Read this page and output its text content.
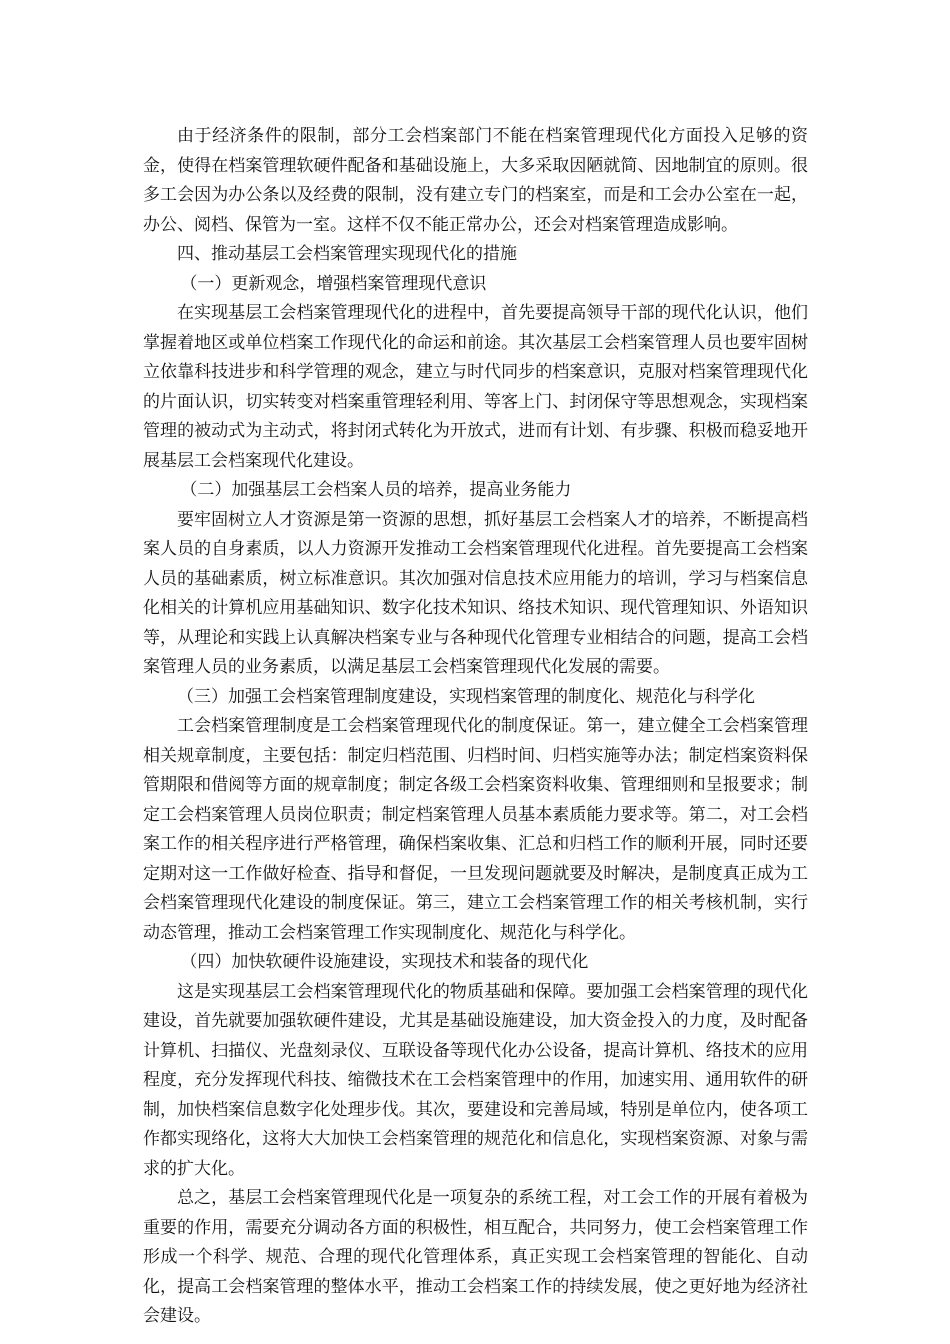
由于经济条件的限制，部分工会档案部门不能在档案管理现代化方面投入足够的资金，使得在档案管理软硬件配备和基础设施上，大多采取因陋就简、因地制宜的原则。很多工会因为办公条以及经费的限制，没有建立专门的档案室，而是和工会办公室在一起，办公、阅档、保管为一室。这样不仅不能正常办公，还会对档案管理造成影响。

四、推动基层工会档案管理实现现代化的措施

（一）更新观念，增强档案管理现代意识

在实现基层工会档案管理现代化的进程中，首先要提高领导干部的现代化认识，他们掌握着地区或单位档案工作现代化的命运和前途。其次基层工会档案管理人员也要牢固树立依靠科技进步和科学管理的观念，建立与时代同步的档案意识，克服对档案管理现代化的片面认识，切实转变对档案重管理轻利用、等客上门、封闭保守等思想观念，实现档案管理的被动式为主动式，将封闭式转化为开放式，进而有计划、有步骤、积极而稳妥地开展基层工会档案现代化建设。

（二）加强基层工会档案人员的培养，提高业务能力

要牢固树立人才资源是第一资源的思想，抓好基层工会档案人才的培养，不断提高档案人员的自身素质，以人力资源开发推动工会档案管理现代化进程。首先要提高工会档案人员的基础素质，树立标准意识。其次加强对信息技术应用能力的培训，学习与档案信息化相关的计算机应用基础知识、数字化技术知识、络技术知识、现代管理知识、外语知识等，从理论和实践上认真解决档案专业与各种现代化管理专业相结合的问题，提高工会档案管理人员的业务素质，以满足基层工会档案管理现代化发展的需要。

（三）加强工会档案管理制度建设，实现档案管理的制度化、规范化与科学化

工会档案管理制度是工会档案管理现代化的制度保证。第一，建立健全工会档案管理相关规章制度，主要包括：制定归档范围、归档时间、归档实施等办法；制定档案资料保管期限和借阅等方面的规章制度；制定各级工会档案资料收集、管理细则和呈报要求；制定工会档案管理人员岗位职责；制定档案管理人员基本素质能力要求等。第二，对工会档案工作的相关程序进行严格管理，确保档案收集、汇总和归档工作的顺利开展，同时还要定期对这一工作做好检查、指导和督促，一旦发现问题就要及时解决，是制度真正成为工会档案管理现代化建设的制度保证。第三，建立工会档案管理工作的相关考核机制，实行动态管理，推动工会档案管理工作实现制度化、规范化与科学化。

（四）加快软硬件设施建设，实现技术和装备的现代化

这是实现基层工会档案管理现代化的物质基础和保障。要加强工会档案管理的现代化建设，首先就要加强软硬件建设，尤其是基础设施建设，加大资金投入的力度，及时配备计算机、扫描仪、光盘刻录仪、互联设备等现代化办公设备，提高计算机、络技术的应用程度，充分发挥现代科技、缩微技术在工会档案管理中的作用，加速实用、通用软件的研制，加快档案信息数字化处理步伐。其次，要建设和完善局域，特别是单位内，使各项工作都实现络化，这将大大加快工会档案管理的规范化和信息化，实现档案资源、对象与需求的扩大化。

总之，基层工会档案管理现代化是一项复杂的系统工程，对工会工作的开展有着极为重要的作用，需要充分调动各方面的积极性，相互配合，共同努力，使工会档案管理工作形成一个科学、规范、合理的现代化管理体系，真正实现工会档案管理的智能化、自动化，提高工会档案管理的整体水平，推动工会档案工作的持续发展，使之更好地为经济社会建设。
